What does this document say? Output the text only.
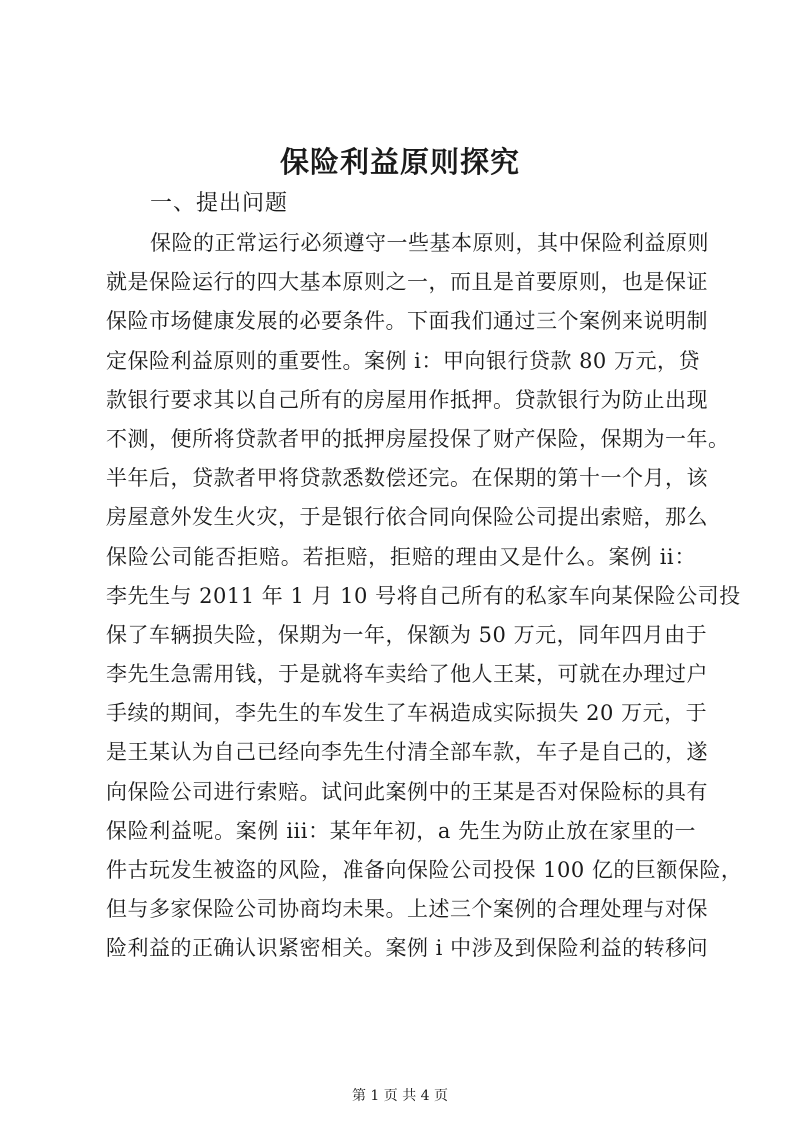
保险利益原则探究
一、提出问题
保险的正常运行必须遵守一些基本原则，其中保险利益原则
就是保险运行的四大基本原则之一，而且是首要原则，也是保证
保险市场健康发展的必要条件。下面我们通过三个案例来说明制
定保险利益原则的重要性。案例 i：甲向银行贷款 80 万元，贷
款银行要求其以自己所有的房屋用作抵押。贷款银行为防止出现
不测，便所将贷款者甲的抵押房屋投保了财产保险，保期为一年。
半年后，贷款者甲将贷款悉数偿还完。在保期的第十一个月，该
房屋意外发生火灾，于是银行依合同向保险公司提出索赔，那么
保险公司能否拒赔。若拒赔，拒赔的理由又是什么。案例 ii：
李先生与 2011 年 1 月 10 号将自己所有的私家车向某保险公司投
保了车辆损失险，保期为一年，保额为 50 万元，同年四月由于
李先生急需用钱，于是就将车卖给了他人王某，可就在办理过户
手续的期间，李先生的车发生了车祸造成实际损失 20 万元，于
是王某认为自己已经向李先生付清全部车款，车子是自己的，遂
向保险公司进行索赔。试问此案例中的王某是否对保险标的具有
保险利益呢。案例 iii：某年年初，a 先生为防止放在家里的一
件古玩发生被盗的风险，准备向保险公司投保 100 亿的巨额保险，
但与多家保险公司协商均未果。上述三个案例的合理处理与对保
险利益的正确认识紧密相关。案例 i 中涉及到保险利益的转移问
第 1 页 共 4 页
